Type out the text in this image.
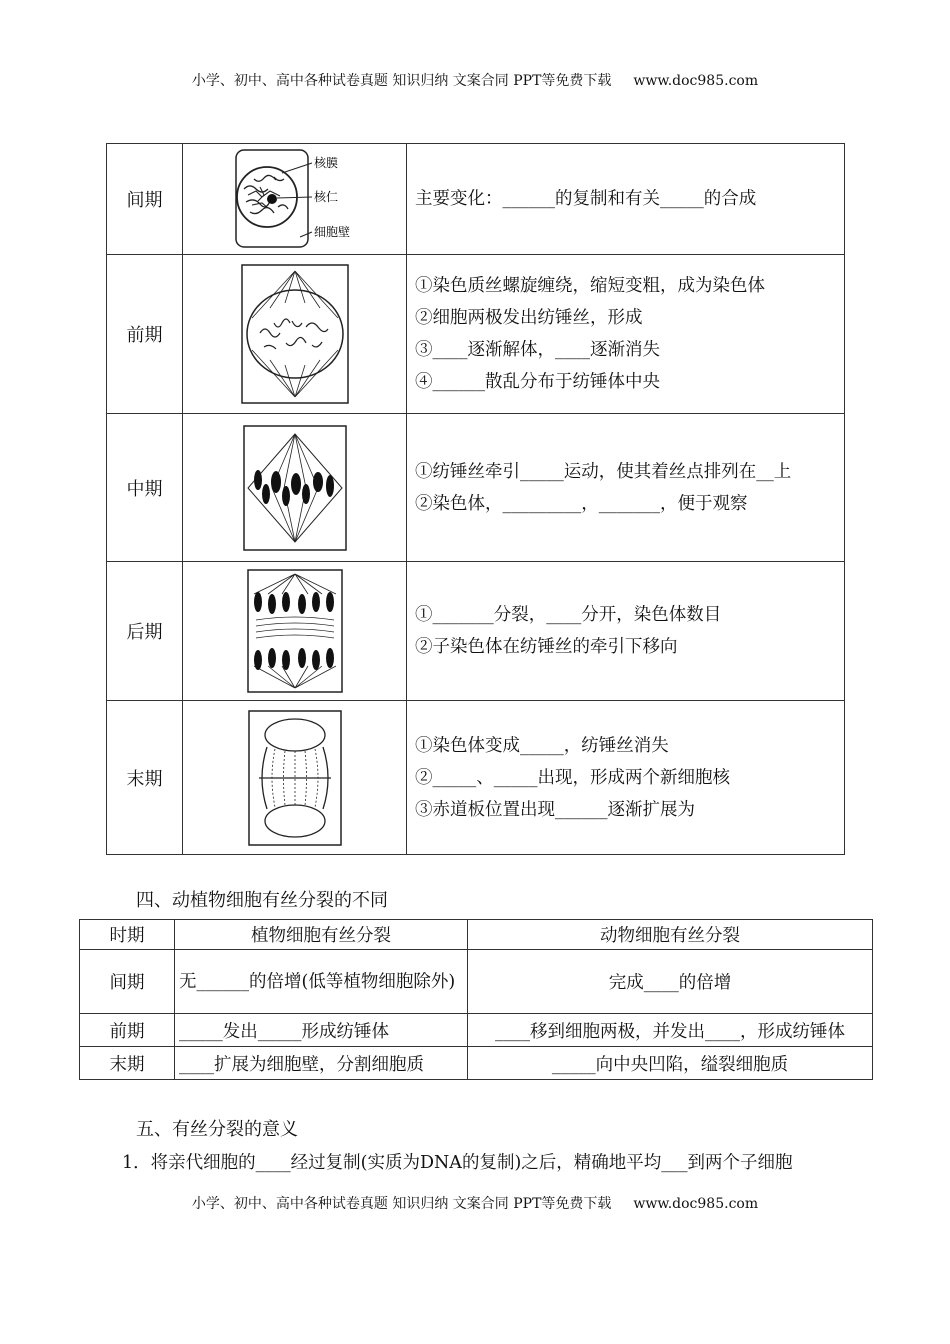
小学、初中、高中各种试卷真题 知识归纳 文案合同 PPT等免费下载 www.doc985.com
间期	核膜
核仁
细胞壁	主要变化：______的复制和有关_____的合成

前期		①染色质丝螺旋缠绕，缩短变粗，成为染色体
②细胞两极发出纺锤丝，形成
③____逐渐解体，____逐渐消失
④______散乱分布于纺锤体中央

中期		①纺锤丝牵引_____运动，使其着丝点排列在__上
②染色体，_________，_______，便于观察

后期		①_______分裂，____分开，染色体数目
②子染色体在纺锤丝的牵引下移向

末期		①染色体变成_____，纺锤丝消失
②_____、_____出现，形成两个新细胞核
③赤道板位置出现______逐渐扩展为
四、动植物细胞有丝分裂的不同
时期	植物细胞有丝分裂	动物细胞有丝分裂
间期	无______的倍增(低等植物细胞除外)	完成____的倍增
前期	_____发出_____形成纺锤体	____移到细胞两极，并发出____，形成纺锤体
末期	____扩展为细胞壁，分割细胞质	_____向中央凹陷，缢裂细胞质
五、有丝分裂的意义
1．将亲代细胞的____经过复制(实质为DNA的复制)之后，精确地平均___到两个子细胞
小学、初中、高中各种试卷真题 知识归纳 文案合同 PPT等免费下载 www.doc985.com
